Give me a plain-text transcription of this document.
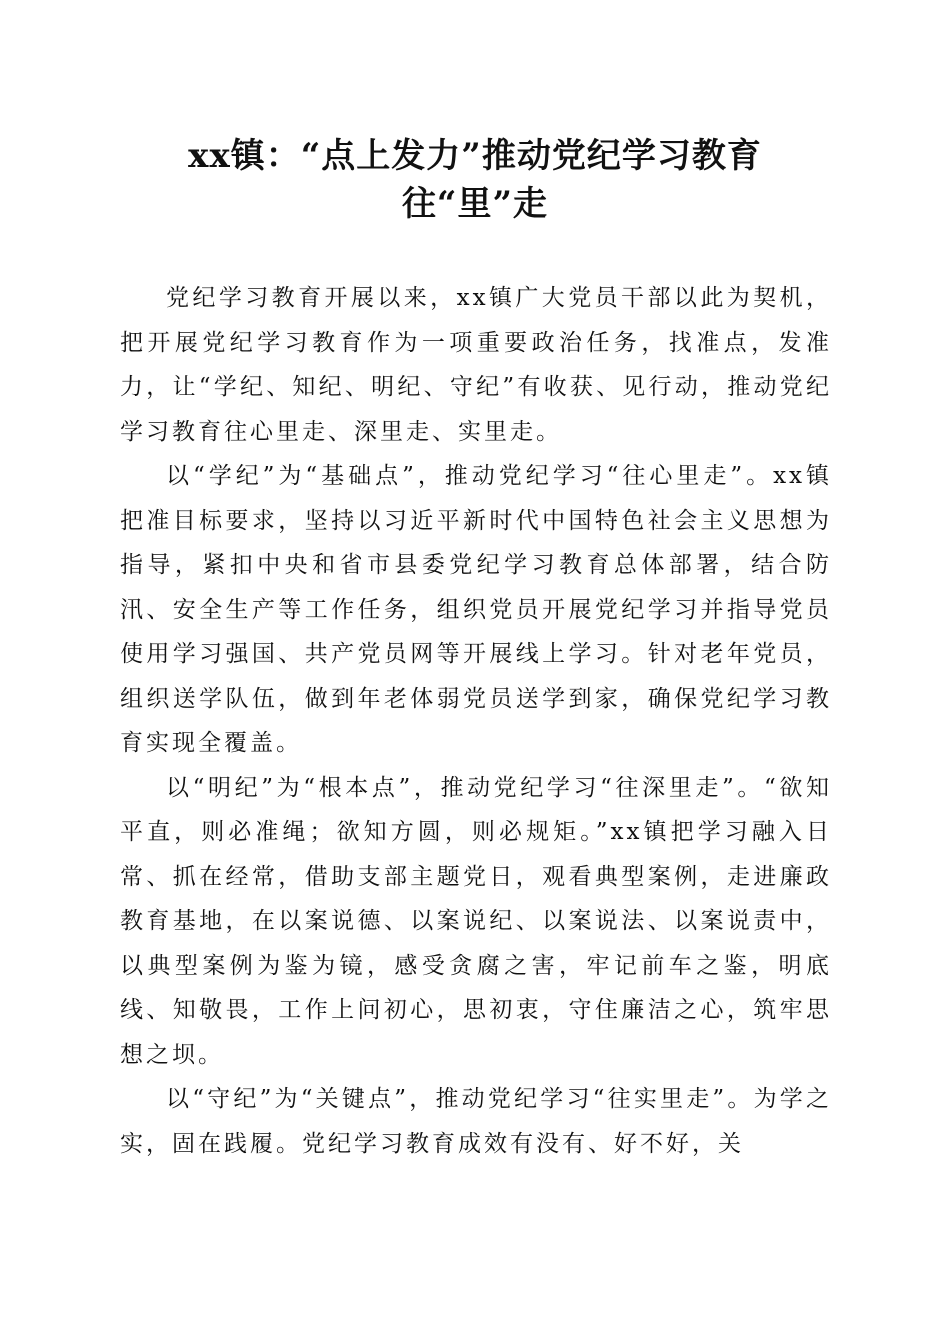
xx镇：“点上发力”推动党纪学习教育
往“里”走

党纪学习教育开展以来，xx镇广大党员干部以此为契机，把开展党纪学习教育作为一项重要政治任务，找准点，发准力，让“学纪、知纪、明纪、守纪”有收获、见行动，推动党纪学习教育往心里走、深里走、实里走。

以“学纪”为“基础点”，推动党纪学习“往心里走”。xx镇把准目标要求，坚持以习近平新时代中国特色社会主义思想为指导，紧扣中央和省市县委党纪学习教育总体部署，结合防汛、安全生产等工作任务，组织党员开展党纪学习并指导党员使用学习强国、共产党员网等开展线上学习。针对老年党员，组织送学队伍，做到年老体弱党员送学到家，确保党纪学习教育实现全覆盖。

以“明纪”为“根本点”，推动党纪学习“往深里走”。“欲知平直，则必准绳；欲知方圆，则必规矩。”xx镇把学习融入日常、抓在经常，借助支部主题党日，观看典型案例，走进廉政教育基地，在以案说德、以案说纪、以案说法、以案说责中，以典型案例为鉴为镜，感受贪腐之害，牢记前车之鉴，明底线、知敬畏，工作上问初心，思初衷，守住廉洁之心，筑牢思想之坝。

以“守纪”为“关键点”，推动党纪学习“往实里走”。为学之实，固在践履。党纪学习教育成效有没有、好不好，关
